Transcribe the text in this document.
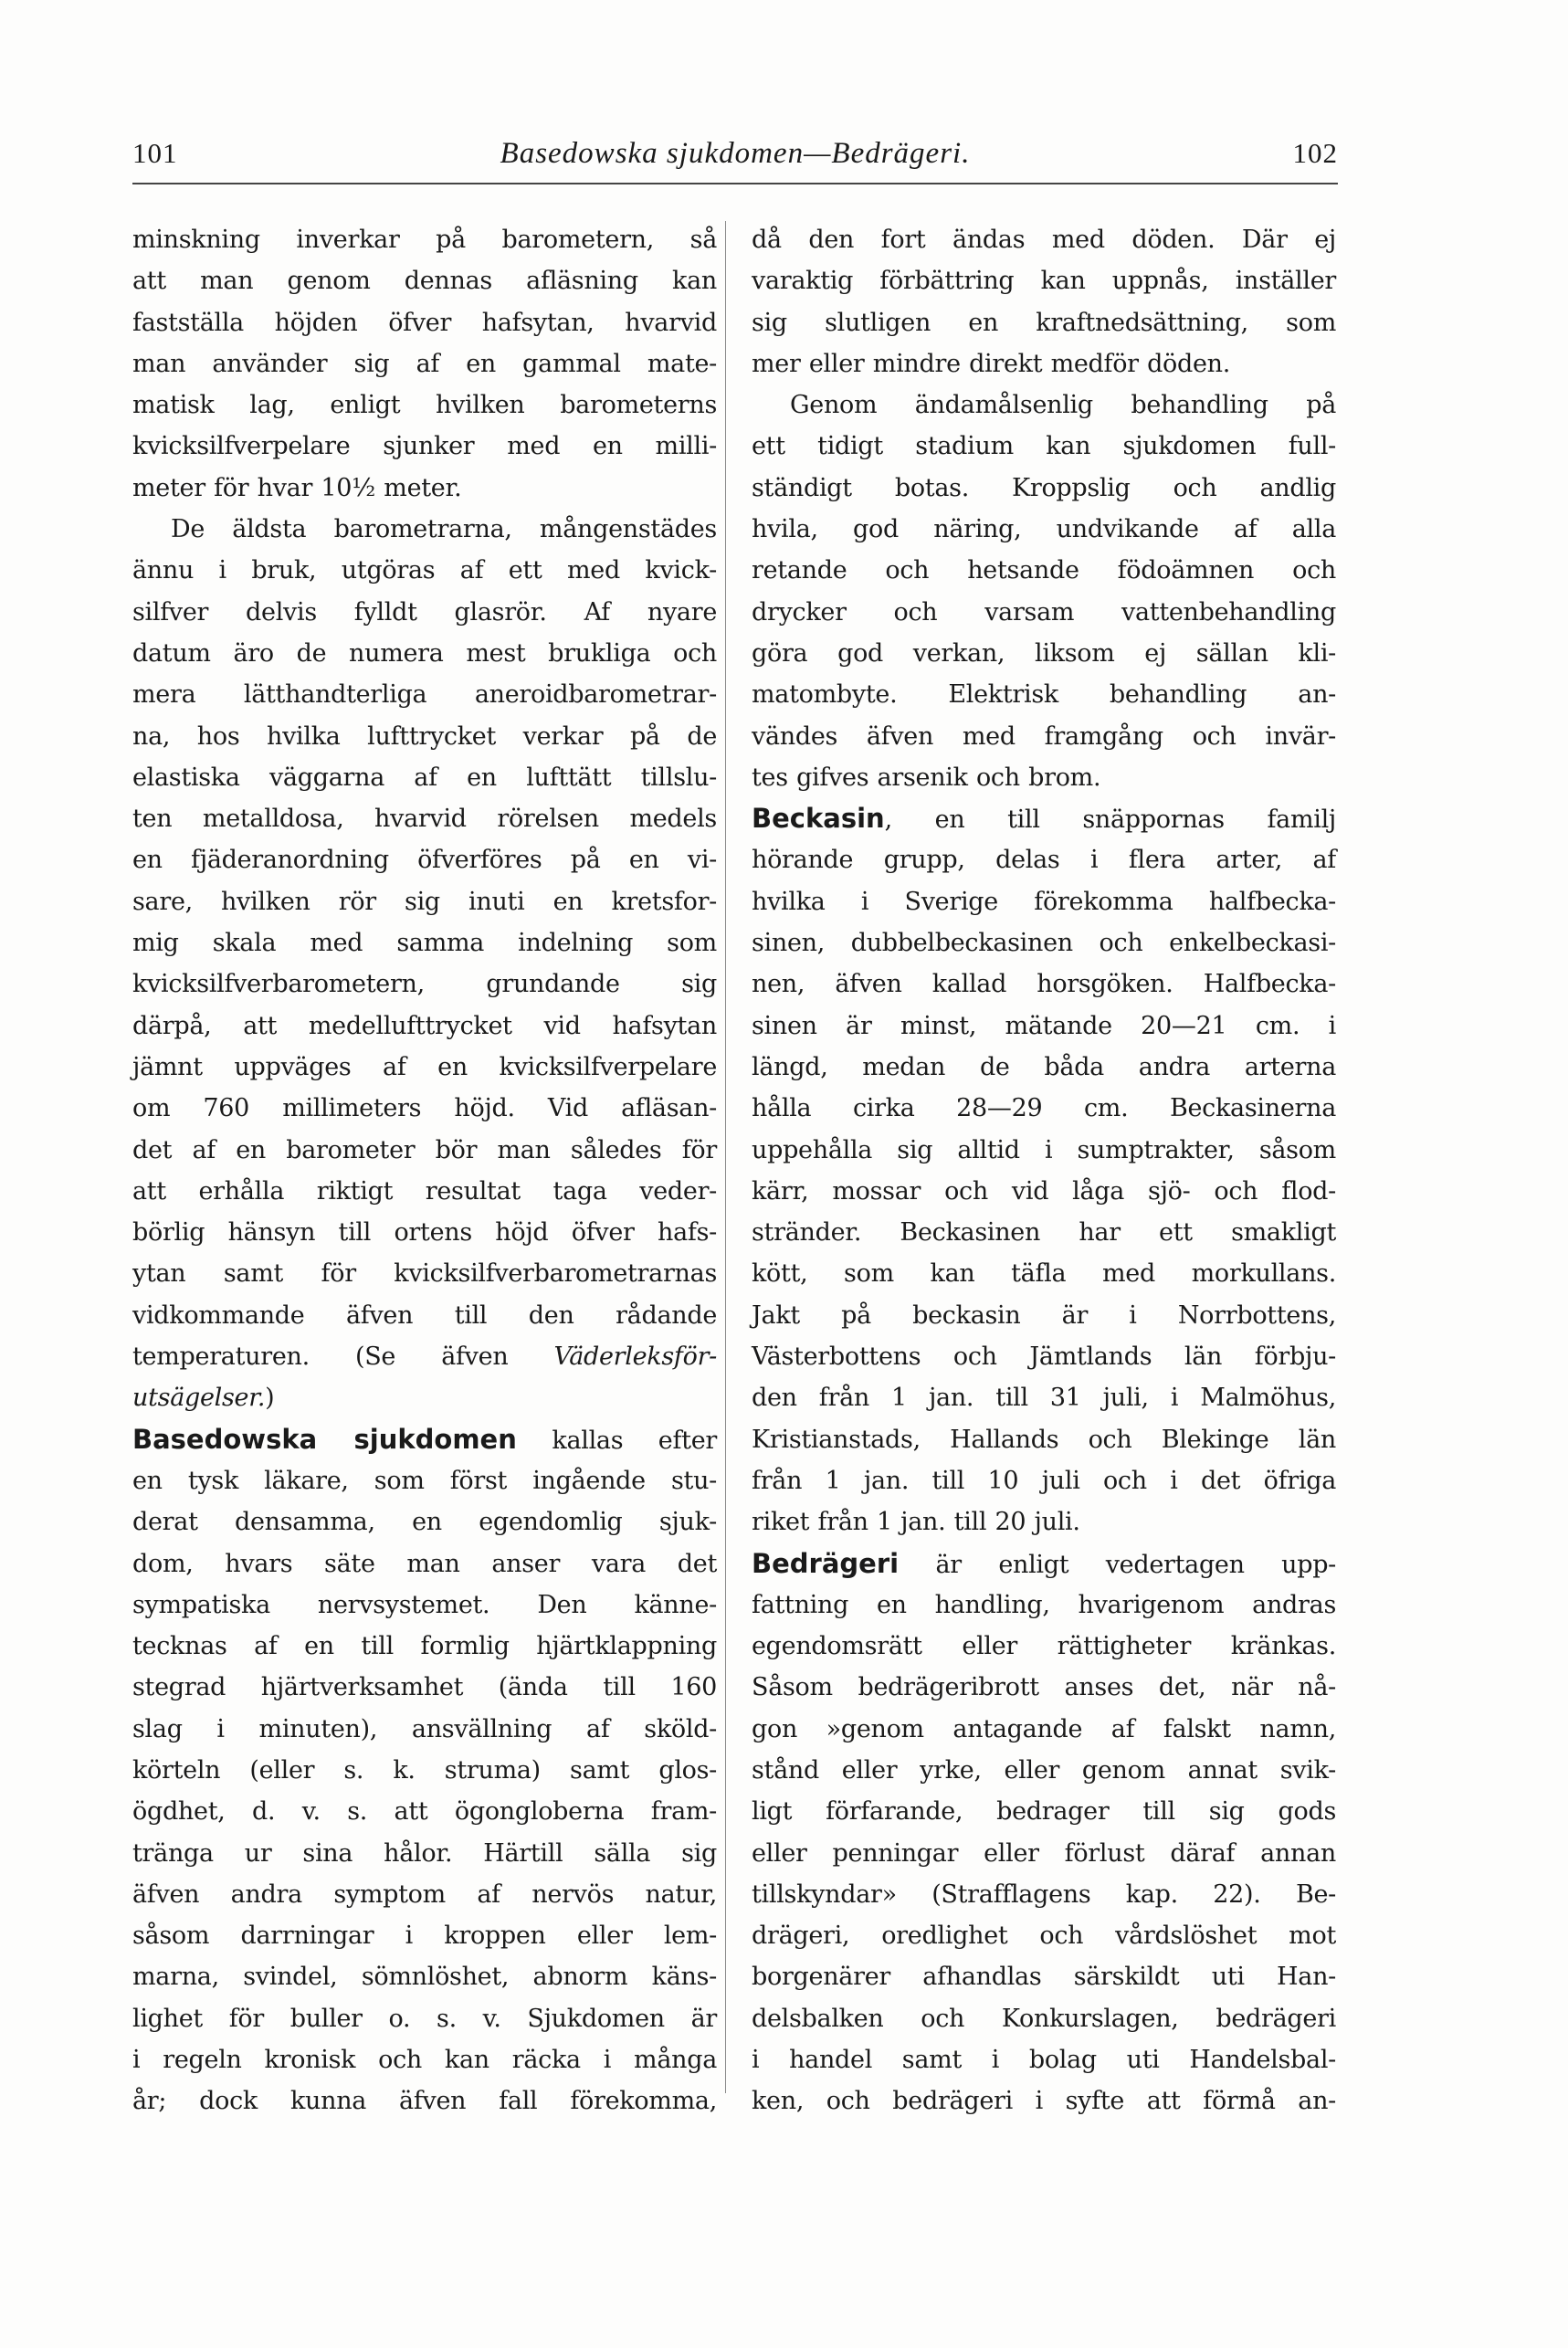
101	Basedowska sjukdomen—Bedrägeri.	102
minskning inverkar på barometern, så
att man genom dennas afläsning kan
fastställa höjden öfver hafsytan, hvarvid
man använder sig af en gammal mate-
matisk lag, enligt hvilken barometerns
kvicksilfverpelare sjunker med en milli-
meter för hvar 10½ meter.
De äldsta barometrarna, mångenstädes
ännu i bruk, utgöras af ett med kvick-
silfver delvis fylldt glasrör. Af nyare
datum äro de numera mest brukliga och
mera lätthandterliga aneroidbarometrar-
na, hos hvilka lufttrycket verkar på de
elastiska väggarna af en lufttätt tillslu-
ten metalldosa, hvarvid rörelsen medels
en fjäderanordning öfverföres på en vi-
sare, hvilken rör sig inuti en kretsfor-
mig skala med samma indelning som
kvicksilfverbarometern, grundande sig
därpå, att medellufttrycket vid hafsytan
jämnt uppväges af en kvicksilfverpelare
om 760 millimeters höjd. Vid afläsan-
det af en barometer bör man således för
att erhålla riktigt resultat taga veder-
börlig hänsyn till ortens höjd öfver hafs-
ytan samt för kvicksilfverbarometrarnas
vidkommande äfven till den rådande
temperaturen. (Se äfven Väderleksför-
utsägelser.)
Basedowska sjukdomen kallas efter
en tysk läkare, som först ingående stu-
derat densamma, en egendomlig sjuk-
dom, hvars säte man anser vara det
sympatiska nervsystemet. Den känne-
tecknas af en till formlig hjärtklappning
stegrad hjärtverksamhet (ända till 160
slag i minuten), ansvällning af sköld-
körteln (eller s. k. struma) samt glos-
ögdhet, d. v. s. att ögongloberna fram-
tränga ur sina hålor. Härtill sälla sig
äfven andra symptom af nervös natur,
såsom darrningar i kroppen eller lem-
marna, svindel, sömnlöshet, abnorm käns-
lighet för buller o. s. v. Sjukdomen är
i regeln kronisk och kan räcka i många
år; dock kunna äfven fall förekomma,
då den fort ändas med döden. Där ej
varaktig förbättring kan uppnås, inställer
sig slutligen en kraftnedsättning, som
mer eller mindre direkt medför döden.
Genom ändamålsenlig behandling på
ett tidigt stadium kan sjukdomen full-
ständigt botas. Kroppslig och andlig
hvila, god näring, undvikande af alla
retande och hetsande födoämnen och
drycker och varsam vattenbehandling
göra god verkan, liksom ej sällan kli-
matombyte. Elektrisk behandling an-
vändes äfven med framgång och invär-
tes gifves arsenik och brom.
Beckasin, en till snäppornas familj
hörande grupp, delas i flera arter, af
hvilka i Sverige förekomma halfbecka-
sinen, dubbelbeckasinen och enkelbeckasi-
nen, äfven kallad horsgöken. Halfbecka-
sinen är minst, mätande 20—21 cm. i
längd, medan de båda andra arterna
hålla cirka 28—29 cm. Beckasinerna
uppehålla sig alltid i sumptrakter, såsom
kärr, mossar och vid låga sjö- och flod-
stränder. Beckasinen har ett smakligt
kött, som kan täfla med morkullans.
Jakt på beckasin är i Norrbottens,
Västerbottens och Jämtlands län förbju-
den från 1 jan. till 31 juli, i Malmöhus,
Kristianstads, Hallands och Blekinge län
från 1 jan. till 10 juli och i det öfriga
riket från 1 jan. till 20 juli.
Bedrägeri är enligt vedertagen upp-
fattning en handling, hvarigenom andras
egendomsrätt eller rättigheter kränkas.
Såsom bedrägeribrott anses det, när nå-
gon »genom antagande af falskt namn,
stånd eller yrke, eller genom annat svik-
ligt förfarande, bedrager till sig gods
eller penningar eller förlust däraf annan
tillskyndar» (Strafflagens kap. 22). Be-
drägeri, oredlighet och vårdslöshet mot
borgenärer afhandlas särskildt uti Han-
delsbalken och Konkurslagen, bedrägeri
i handel samt i bolag uti Handelsbal-
ken, och bedrägeri i syfte att förmå an-
